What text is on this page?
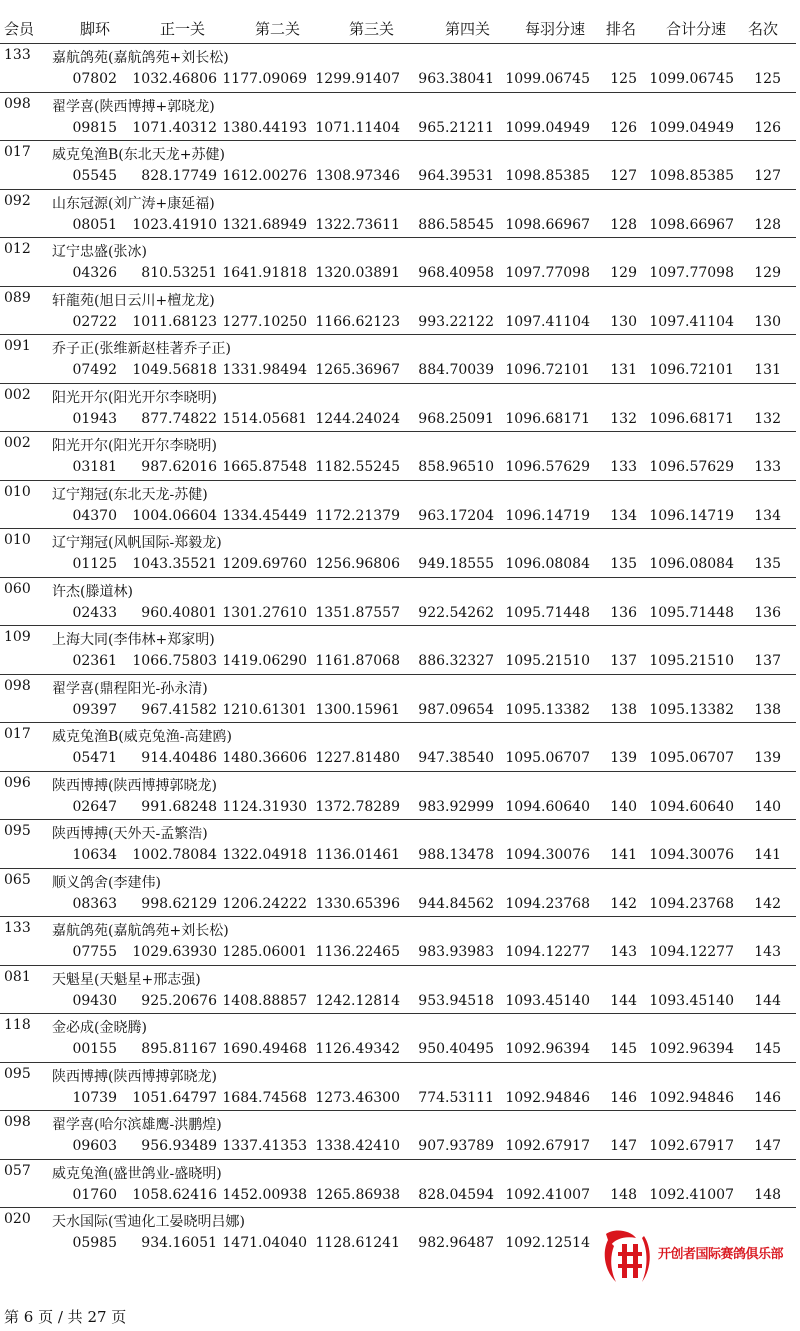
会员	脚环	正一关	第二关	第三关	第四关 每羽分速 排名 合计分速 名次
133 嘉航鸽苑(嘉航鸽苑+刘长松)
07802 1032.46806 1177.09069 1299.91407 963.38041 1099.06745 125 1099.06745 125
098 翟学喜(陕西博搏+郭晓龙)
09815 1071.40312 1380.44193 1071.11404 965.21211 1099.04949 126 1099.04949 126
017 威克兔渔B(东北天龙+苏健)
05545 828.17749 1612.00276 1308.97346 964.39531 1098.85385 127 1098.85385 127
092 山东冠源(刘广涛+康延福)
08051 1023.41910 1321.68949 1322.73611 886.58545 1098.66967 128 1098.66967 128
012 辽宁忠盛(张冰)
04326 810.53251 1641.91818 1320.03891 968.40958 1097.77098 129 1097.77098 129
089 轩龍苑(旭日云川+檀龙龙)
02722 1011.68123 1277.10250 1166.62123 993.22122 1097.41104 130 1097.41104 130
091 乔子正(张维新赵桂著乔子正)
07492 1049.56818 1331.98494 1265.36967 884.70039 1096.72101 131 1096.72101 131
002 阳光开尔(阳光开尔李晓明)
01943 877.74822 1514.05681 1244.24024 968.25091 1096.68171 132 1096.68171 132
002 阳光开尔(阳光开尔李晓明)
03181 987.62016 1665.87548 1182.55245 858.96510 1096.57629 133 1096.57629 133
010 辽宁翔冠(东北天龙-苏健)
04370 1004.06604 1334.45449 1172.21379 963.17204 1096.14719 134 1096.14719 134
010 辽宁翔冠(风帆国际-郑毅龙)
01125 1043.35521 1209.69760 1256.96806 949.18555 1096.08084 135 1096.08084 135
060 许杰(滕道林)
02433 960.40801 1301.27610 1351.87557 922.54262 1095.71448 136 1095.71448 136
109 上海大同(李伟林+郑家明)
02361 1066.75803 1419.06290 1161.87068 886.32327 1095.21510 137 1095.21510 137
098 翟学喜(鼎程阳光-孙永清)
09397 967.41582 1210.61301 1300.15961 987.09654 1095.13382 138 1095.13382 138
017 威克兔渔B(威克兔渔-高建鸥)
05471 914.40486 1480.36606 1227.81480 947.38540 1095.06707 139 1095.06707 139
096 陕西博搏(陕西博搏郭晓龙)
02647 991.68248 1124.31930 1372.78289 983.92999 1094.60640 140 1094.60640 140
095 陕西博搏(天外天-孟繁浩)
10634 1002.78084 1322.04918 1136.01461 988.13478 1094.30076 141 1094.30076 141
065 顺义鸽舍(李建伟)
08363 998.62129 1206.24222 1330.65396 944.84562 1094.23768 142 1094.23768 142
133 嘉航鸽苑(嘉航鸽苑+刘长松)
07755 1029.63930 1285.06001 1136.22465 983.93983 1094.12277 143 1094.12277 143
081 天魁星(天魁星+邢志强)
09430 925.20676 1408.88857 1242.12814 953.94518 1093.45140 144 1093.45140 144
118 金必成(金晓腾)
00155 895.81167 1690.49468 1126.49342 950.40495 1092.96394 145 1092.96394 145
095 陕西博搏(陕西博搏郭晓龙)
10739 1051.64797 1684.74568 1273.46300 774.53111 1092.94846 146 1092.94846 146
098 翟学喜(哈尔滨雄鹰-洪鹏煌)
09603 956.93489 1337.41353 1338.42410 907.93789 1092.67917 147 1092.67917 147
057 威克兔渔(盛世鸽业-盛晓明)
01760 1058.62416 1452.00938 1265.86938 828.04594 1092.41007 148 1092.41007 148
020 天水国际(雪迪化工晏晓明吕娜)
05985 934.16051 1471.04040 1128.61241 982.96487 1092.12514
开创者国际赛鸽俱乐部
第 6 页 / 共 27 页
